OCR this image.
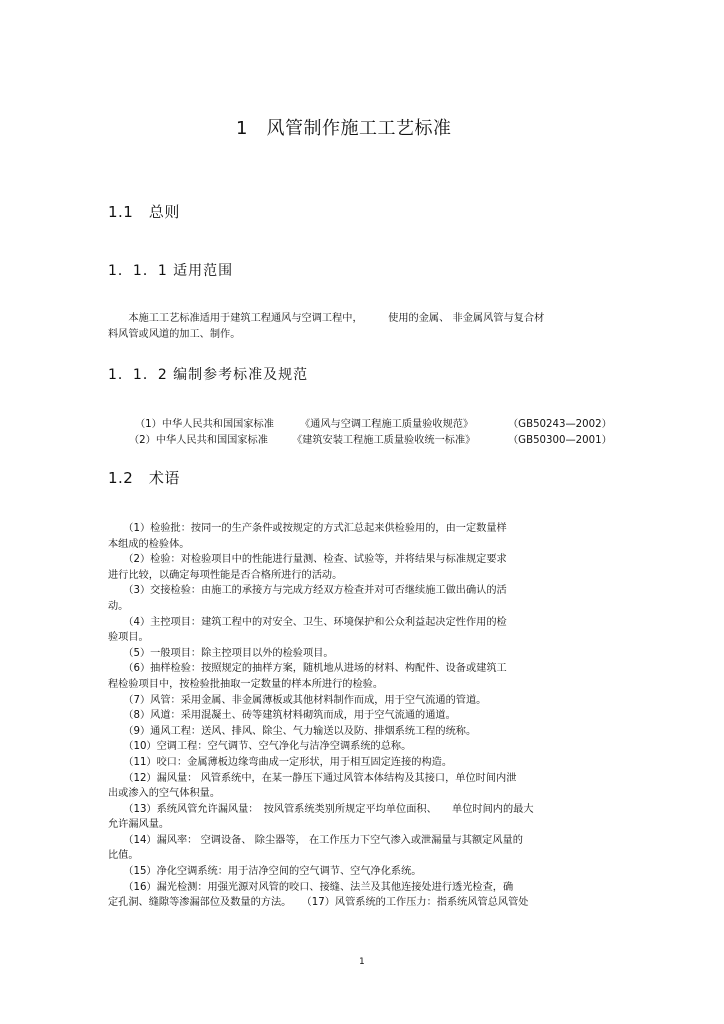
1　风管制作施工工艺标准
1.1　总则
1．1．1 适用范围
　　本施工工艺标准适用于建筑工程通风与空调工程中，　　　使用的金属、 非金属风管与复合材
料风管或风道的加工、制作。
1．1．2 编制参考标准及规范
（1）中华人民共和国国家标准	《通风与空调工程施工质量验收规范》	（GB50243—2002）
（2）中华人民共和国国家标准 《建筑安装工程施工质量验收统一标准》	（GB50300—2001）
1.2　术语
　　（1）检验批：按同一的生产条件或按规定的方式汇总起来供检验用的，由一定数量样
本组成的检验体。
　　（2）检验：对检验项目中的性能进行量测、检查、试验等，并将结果与标准规定要求
进行比较，以确定每项性能是否合格所进行的活动。
　　（3）交接检验：由施工的承接方与完成方经双方检查并对可否继续施工做出确认的活
动。
　　（4）主控项目：建筑工程中的对安全、卫生、环境保护和公众利益起决定性作用的检
验项目。
　　（5）一般项目：除主控项目以外的检验项目。
　　（6）抽样检验：按照规定的抽样方案，随机地从进场的材料、构配件、设备或建筑工
程检验项目中，按检验批抽取一定数量的样本所进行的检验。
　　（7）风管：采用金属、非金属薄板或其他材料制作而成，用于空气流通的管道。
　　（8）风道：采用混凝土、砖等建筑材料砌筑而成，用于空气流通的通道。
　　（9）通风工程：送风、排风、除尘、气力输送以及防、排烟系统工程的统称。
　　（10）空调工程：空气调节、空气净化与洁净空调系统的总称。
　　（11）咬口：金属薄板边缘弯曲成一定形状，用于相互固定连接的构造。
　　（12）漏风量： 风管系统中，在某一静压下通过风管本体结构及其接口，单位时间内泄
出或渗入的空气体积量。
　　（13）系统风管允许漏风量：　按风管系统类别所规定平均单位面积、　　单位时间内的最大
允许漏风量。
　　（14）漏风率： 空调设备、 除尘器等， 在工作压力下空气渗入或泄漏量与其额定风量的
比值。
　　（15）净化空调系统：用于洁净空间的空气调节、空气净化系统。
　　（16）漏光检测：用强光源对风管的咬口、接缝、法兰及其他连接处进行透光检查，确
定孔洞、缝隙等渗漏部位及数量的方法。　　（17）风管系统的工作压力：指系统风管总风管处
1
